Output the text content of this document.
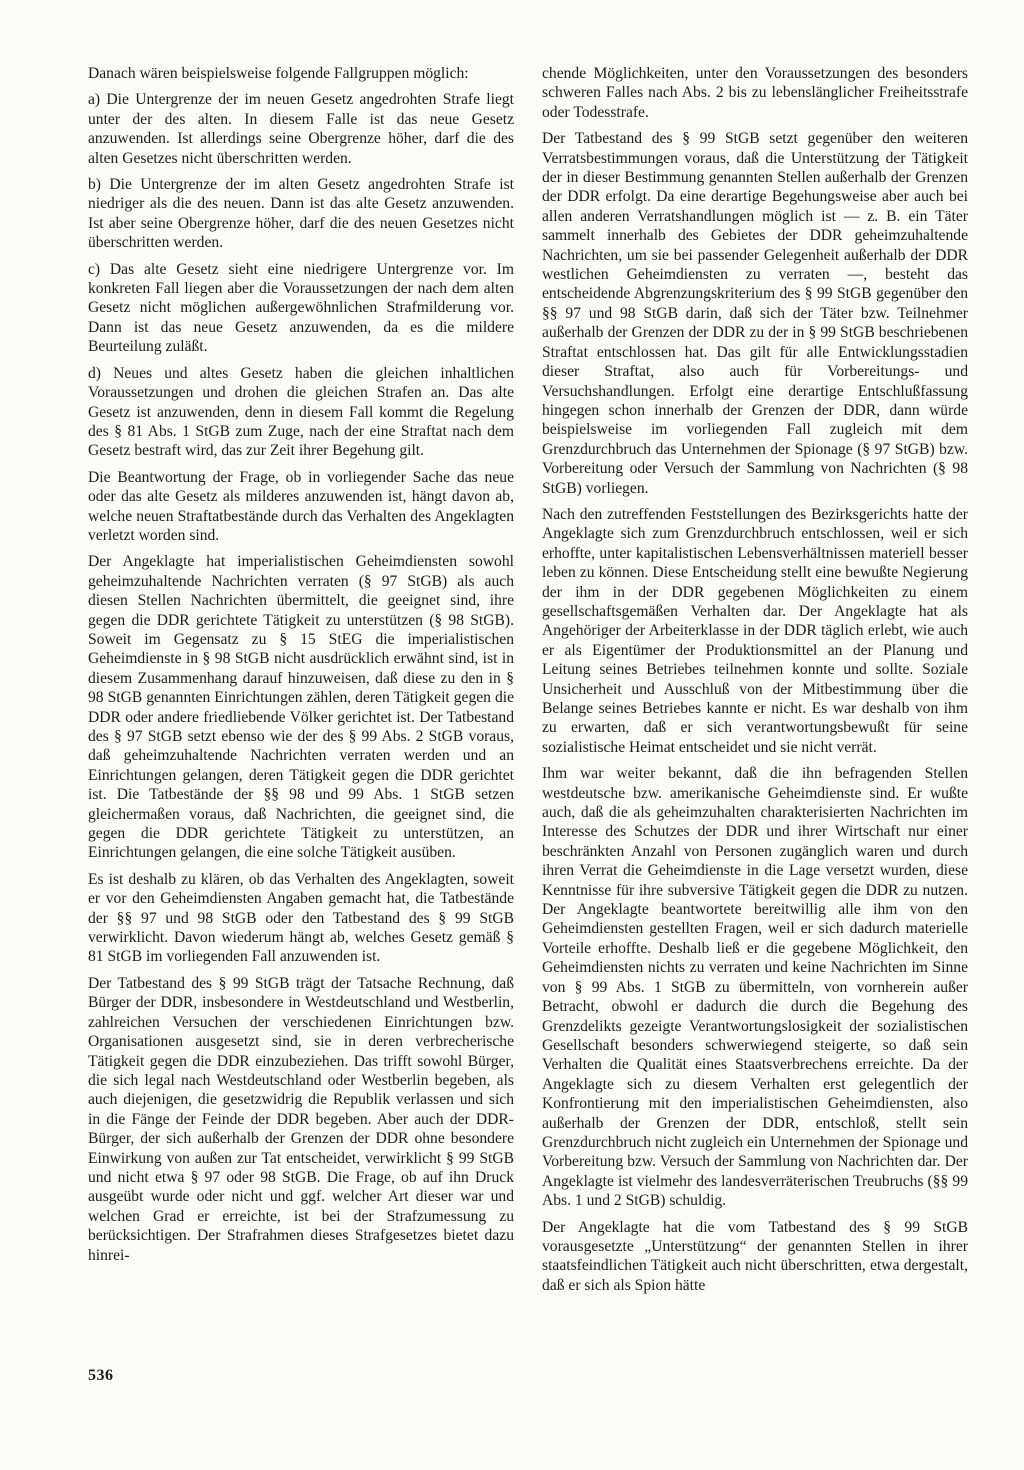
Danach wären beispielsweise folgende Fallgruppen möglich:

a) Die Untergrenze der im neuen Gesetz angedrohten Strafe liegt unter der des alten. In diesem Falle ist das neue Gesetz anzuwenden. Ist allerdings seine Obergrenze höher, darf die des alten Gesetzes nicht überschritten werden.

b) Die Untergrenze der im alten Gesetz angedrohten Strafe ist niedriger als die des neuen. Dann ist das alte Gesetz anzuwenden. Ist aber seine Obergrenze höher, darf die des neuen Gesetzes nicht überschritten werden.

c) Das alte Gesetz sieht eine niedrigere Untergrenze vor. Im konkreten Fall liegen aber die Voraussetzungen der nach dem alten Gesetz nicht möglichen außergewöhnlichen Strafmilderung vor. Dann ist das neue Gesetz anzuwenden, da es die mildere Beurteilung zuläßt.

d) Neues und altes Gesetz haben die gleichen inhaltlichen Voraussetzungen und drohen die gleichen Strafen an. Das alte Gesetz ist anzuwenden, denn in diesem Fall kommt die Regelung des § 81 Abs. 1 StGB zum Zuge, nach der eine Straftat nach dem Gesetz bestraft wird, das zur Zeit ihrer Begehung gilt.

Die Beantwortung der Frage, ob in vorliegender Sache das neue oder das alte Gesetz als milderes anzuwenden ist, hängt davon ab, welche neuen Straftatbestände durch das Verhalten des Angeklagten verletzt worden sind.

Der Angeklagte hat imperialistischen Geheimdiensten sowohl geheimzuhaltende Nachrichten verraten (§ 97 StGB) als auch diesen Stellen Nachrichten übermittelt, die geeignet sind, ihre gegen die DDR gerichtete Tätigkeit zu unterstützen (§ 98 StGB). Soweit im Gegensatz zu § 15 StEG die imperialistischen Geheimdienste in § 98 StGB nicht ausdrücklich erwähnt sind, ist in diesem Zusammenhang darauf hinzuweisen, daß diese zu den in § 98 StGB genannten Einrichtungen zählen, deren Tätigkeit gegen die DDR oder andere friedliebende Völker gerichtet ist. Der Tatbestand des § 97 StGB setzt ebenso wie der des § 99 Abs. 2 StGB voraus, daß geheimzuhaltende Nachrichten verraten werden und an Einrichtungen gelangen, deren Tätigkeit gegen die DDR gerichtet ist. Die Tatbestände der §§ 98 und 99 Abs. 1 StGB setzen gleichermaßen voraus, daß Nachrichten, die geeignet sind, die gegen die DDR gerichtete Tätigkeit zu unterstützen, an Einrichtungen gelangen, die eine solche Tätigkeit ausüben.

Es ist deshalb zu klären, ob das Verhalten des Angeklagten, soweit er vor den Geheimdiensten Angaben gemacht hat, die Tatbestände der §§ 97 und 98 StGB oder den Tatbestand des § 99 StGB verwirklicht. Davon wiederum hängt ab, welches Gesetz gemäß § 81 StGB im vorliegenden Fall anzuwenden ist.

Der Tatbestand des § 99 StGB trägt der Tatsache Rechnung, daß Bürger der DDR, insbesondere in Westdeutschland und Westberlin, zahlreichen Versuchen der verschiedenen Einrichtungen bzw. Organisationen ausgesetzt sind, sie in deren verbrecherische Tätigkeit gegen die DDR einzubeziehen. Das trifft sowohl Bürger, die sich legal nach Westdeutschland oder Westberlin begeben, als auch diejenigen, die gesetzwidrig die Republik verlassen und sich in die Fänge der Feinde der DDR begeben. Aber auch der DDR-Bürger, der sich außerhalb der Grenzen der DDR ohne besondere Einwirkung von außen zur Tat entscheidet, verwirklicht § 99 StGB und nicht etwa § 97 oder 98 StGB. Die Frage, ob auf ihn Druck ausgeübt wurde oder nicht und ggf. welcher Art dieser war und welchen Grad er erreichte, ist bei der Strafzumessung zu berücksichtigen. Der Strafrahmen dieses Strafgesetzes bietet dazu hinrei-

chende Möglichkeiten, unter den Voraussetzungen des besonders schweren Falles nach Abs. 2 bis zu lebenslänglicher Freiheitsstrafe oder Todesstrafe.

Der Tatbestand des § 99 StGB setzt gegenüber den weiteren Verratsbestimmungen voraus, daß die Unterstützung der Tätigkeit der in dieser Bestimmung genannten Stellen außerhalb der Grenzen der DDR erfolgt. Da eine derartige Begehungsweise aber auch bei allen anderen Verratshandlungen möglich ist — z. B. ein Täter sammelt innerhalb des Gebietes der DDR geheimzuhaltende Nachrichten, um sie bei passender Gelegenheit außerhalb der DDR westlichen Geheimdiensten zu verraten —, besteht das entscheidende Abgrenzungskriterium des § 99 StGB gegenüber den §§ 97 und 98 StGB darin, daß sich der Täter bzw. Teilnehmer außerhalb der Grenzen der DDR zu der in § 99 StGB beschriebenen Straftat entschlossen hat. Das gilt für alle Entwicklungsstadien dieser Straftat, also auch für Vorbereitungs- und Versuchshandlungen. Erfolgt eine derartige Entschlußfassung hingegen schon innerhalb der Grenzen der DDR, dann würde beispielsweise im vorliegenden Fall zugleich mit dem Grenzdurchbruch das Unternehmen der Spionage (§ 97 StGB) bzw. Vorbereitung oder Versuch der Sammlung von Nachrichten (§ 98 StGB) vorliegen.

Nach den zutreffenden Feststellungen des Bezirksgerichts hatte der Angeklagte sich zum Grenzdurchbruch entschlossen, weil er sich erhoffte, unter kapitalistischen Lebensverhältnissen materiell besser leben zu können. Diese Entscheidung stellt eine bewußte Negierung der ihm in der DDR gegebenen Möglichkeiten zu einem gesellschaftsgemäßen Verhalten dar. Der Angeklagte hat als Angehöriger der Arbeiterklasse in der DDR täglich erlebt, wie auch er als Eigentümer der Produktionsmittel an der Planung und Leitung seines Betriebes teilnehmen konnte und sollte. Soziale Unsicherheit und Ausschluß von der Mitbestimmung über die Belange seines Betriebes kannte er nicht. Es war deshalb von ihm zu erwarten, daß er sich verantwortungsbewußt für seine sozialistische Heimat entscheidet und sie nicht verrät.

Ihm war weiter bekannt, daß die ihn befragenden Stellen westdeutsche bzw. amerikanische Geheimdienste sind. Er wußte auch, daß die als geheimzuhalten charakterisierten Nachrichten im Interesse des Schutzes der DDR und ihrer Wirtschaft nur einer beschränkten Anzahl von Personen zugänglich waren und durch ihren Verrat die Geheimdienste in die Lage versetzt wurden, diese Kenntnisse für ihre subversive Tätigkeit gegen die DDR zu nutzen. Der Angeklagte beantwortete bereitwillig alle ihm von den Geheimdiensten gestellten Fragen, weil er sich dadurch materielle Vorteile erhoffte. Deshalb ließ er die gegebene Möglichkeit, den Geheimdiensten nichts zu verraten und keine Nachrichten im Sinne von § 99 Abs. 1 StGB zu übermitteln, von vornherein außer Betracht, obwohl er dadurch die durch die Begehung des Grenzdelikts gezeigte Verantwortungslosigkeit der sozialistischen Gesellschaft besonders schwerwiegend steigerte, so daß sein Verhalten die Qualität eines Staatsverbrechens erreichte. Da der Angeklagte sich zu diesem Verhalten erst gelegentlich der Konfrontierung mit den imperialistischen Geheimdiensten, also außerhalb der Grenzen der DDR, entschloß, stellt sein Grenzdurchbruch nicht zugleich ein Unternehmen der Spionage und Vorbereitung bzw. Versuch der Sammlung von Nachrichten dar. Der Angeklagte ist vielmehr des landesverräterischen Treubruchs (§§ 99 Abs. 1 und 2 StGB) schuldig.

Der Angeklagte hat die vom Tatbestand des § 99 StGB vorausgesetzte „Unterstützung“ der genannten Stellen in ihrer staatsfeindlichen Tätigkeit auch nicht überschritten, etwa dergestalt, daß er sich als Spion hätte

536
